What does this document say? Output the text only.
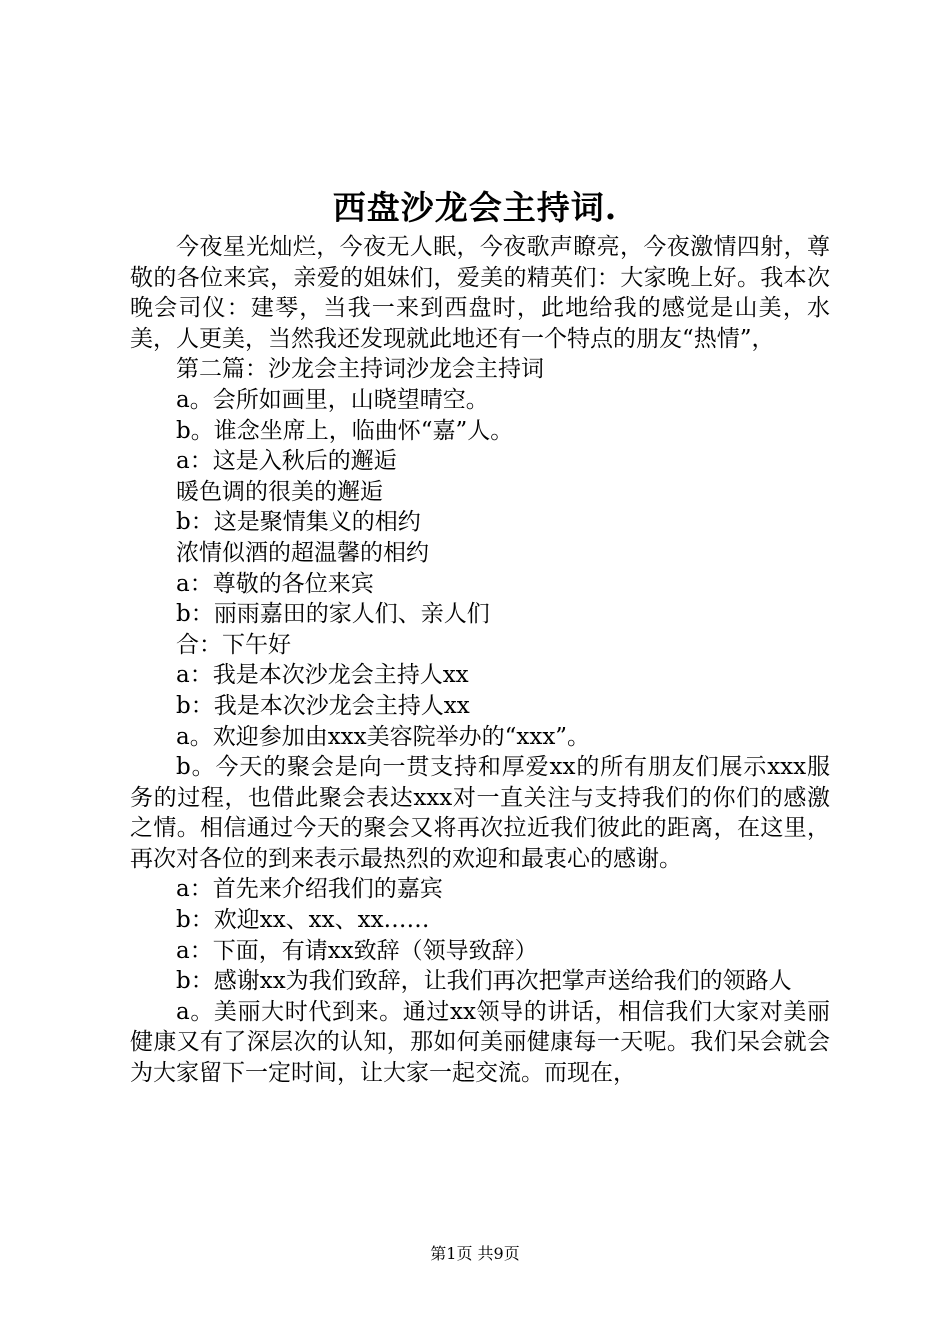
西盘沙龙会主持词.

今夜星光灿烂，今夜无人眠，今夜歌声瞭亮，今夜激情四射，尊敬的各位来宾，亲爱的姐妹们，爱美的精英们：大家晚上好。我本次晚会司仪：建琴，当我一来到西盘时，此地给我的感觉是山美，水美，人更美，当然我还发现就此地还有一个特点的朋友“热情”，

第二篇：沙龙会主持词沙龙会主持词

a。会所如画里，山晓望晴空。

b。谁念坐席上，临曲怀“嘉”人。

a：这是入秋后的邂逅

暖色调的很美的邂逅

b：这是聚情集义的相约

浓情似酒的超温馨的相约

a：尊敬的各位来宾

b：丽雨嘉田的家人们、亲人们

合：下午好

a：我是本次沙龙会主持人xx

b：我是本次沙龙会主持人xx

a。欢迎参加由xxx美容院举办的“xxx”。

b。今天的聚会是向一贯支持和厚爱xx的所有朋友们展示xxx服务的过程，也借此聚会表达xxx对一直关注与支持我们的你们的感激之情。相信通过今天的聚会又将再次拉近我们彼此的距离，在这里，再次对各位的到来表示最热烈的欢迎和最衷心的感谢。

a：首先来介绍我们的嘉宾

b：欢迎xx、xx、xx……

a：下面，有请xx致辞（领导致辞）

b：感谢xx为我们致辞，让我们再次把掌声送给我们的领路人

a。美丽大时代到来。通过xx领导的讲话，相信我们大家对美丽健康又有了深层次的认知，那如何美丽健康每一天呢。我们呆会就会为大家留下一定时间，让大家一起交流。而现在，

第1页 共9页
